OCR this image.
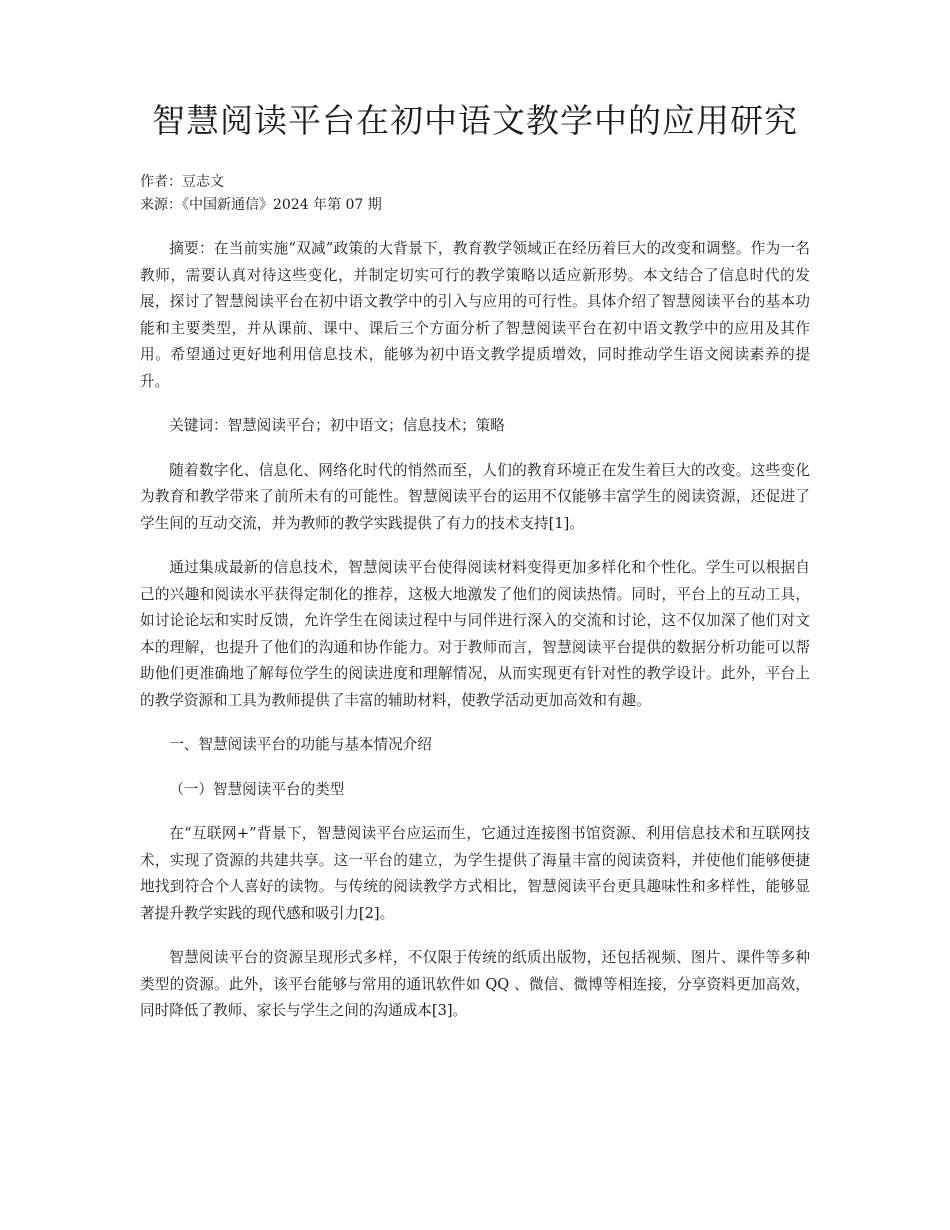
智慧阅读平台在初中语文教学中的应用研究
作者：豆志文
来源：《中国新通信》2024 年第 07 期

摘要：在当前实施“双减”政策的大背景下，教育教学领域正在经历着巨大的改变和调整。作为一名教师，需要认真对待这些变化，并制定切实可行的教学策略以适应新形势。本文结合了信息时代的发展，探讨了智慧阅读平台在初中语文教学中的引入与应用的可行性。具体介绍了智慧阅读平台的基本功能和主要类型，并从课前、课中、课后三个方面分析了智慧阅读平台在初中语文教学中的应用及其作用。希望通过更好地利用信息技术，能够为初中语文教学提质增效，同时推动学生语文阅读素养的提升。

关键词：智慧阅读平台；初中语文；信息技术；策略

随着数字化、信息化、网络化时代的悄然而至，人们的教育环境正在发生着巨大的改变。这些变化为教育和教学带来了前所未有的可能性。智慧阅读平台的运用不仅能够丰富学生的阅读资源，还促进了学生间的互动交流，并为教师的教学实践提供了有力的技术支持[1]。

通过集成最新的信息技术，智慧阅读平台使得阅读材料变得更加多样化和个性化。学生可以根据自己的兴趣和阅读水平获得定制化的推荐，这极大地激发了他们的阅读热情。同时，平台上的互动工具，如讨论论坛和实时反馈，允许学生在阅读过程中与同伴进行深入的交流和讨论，这不仅加深了他们对文本的理解，也提升了他们的沟通和协作能力。对于教师而言，智慧阅读平台提供的数据分析功能可以帮助他们更准确地了解每位学生的阅读进度和理解情况，从而实现更有针对性的教学设计。此外，平台上的教学资源和工具为教师提供了丰富的辅助材料，使教学活动更加高效和有趣。

一、智慧阅读平台的功能与基本情况介绍

（一）智慧阅读平台的类型

在“互联网+”背景下，智慧阅读平台应运而生，它通过连接图书馆资源、利用信息技术和互联网技术，实现了资源的共建共享。这一平台的建立，为学生提供了海量丰富的阅读资料，并使他们能够便捷地找到符合个人喜好的读物。与传统的阅读教学方式相比，智慧阅读平台更具趣味性和多样性，能够显著提升教学实践的现代感和吸引力[2]。

智慧阅读平台的资源呈现形式多样，不仅限于传统的纸质出版物，还包括视频、图片、课件等多种类型的资源。此外，该平台能够与常用的通讯软件如 QQ 、微信、微博等相连接，分享资料更加高效，同时降低了教师、家长与学生之间的沟通成本[3]。
